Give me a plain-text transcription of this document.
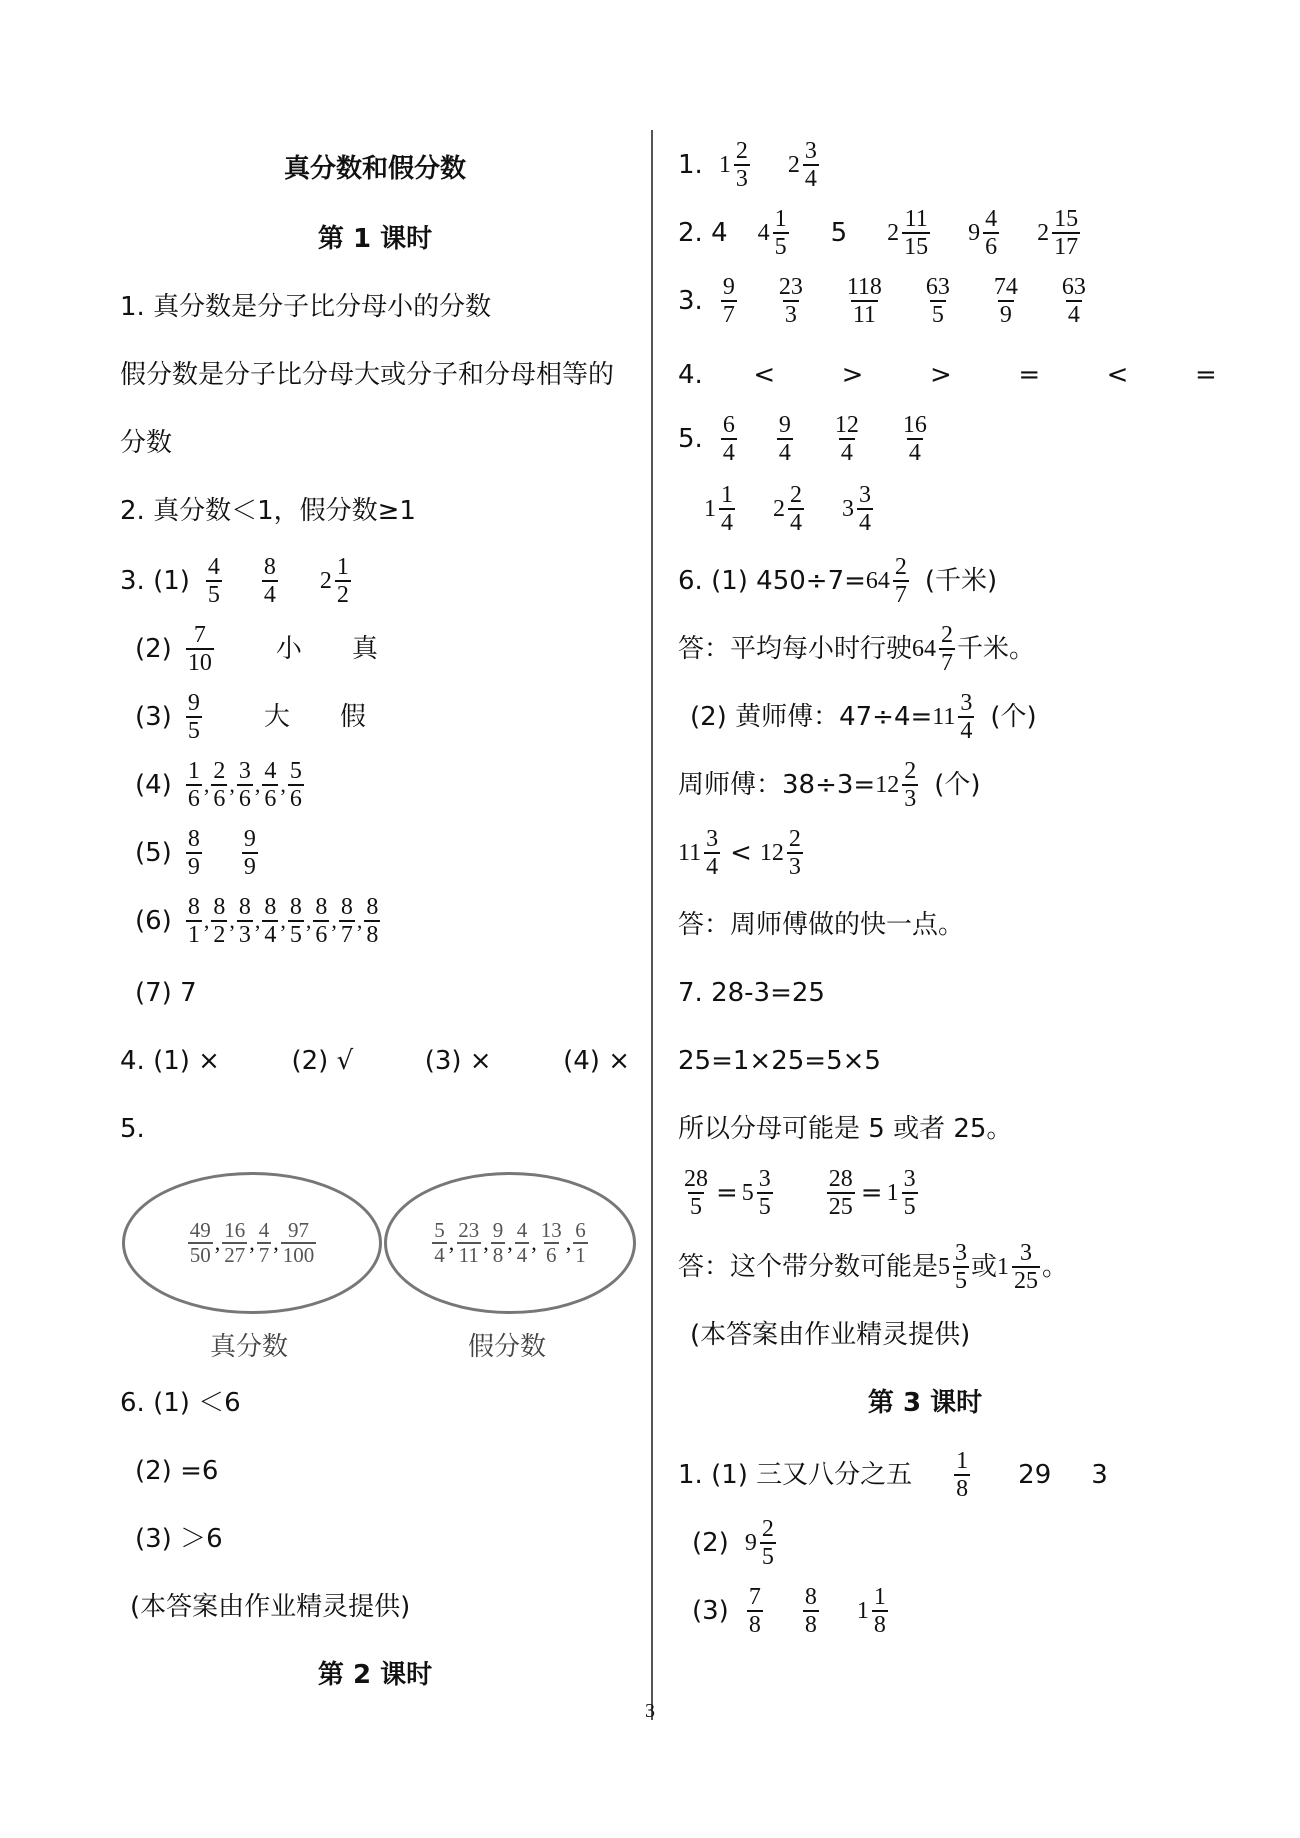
真分数和假分数
第 1 课时
1. 真分数是分子比分母小的分数
假分数是分子比分母大或分子和分母相等的
分数
2. 真分数＜1，假分数≥1
3. $(1) \frac{4}{5} \frac{8}{4} 2 \frac{1}{2}$
$(2) \frac{7}{10}$ 小 真
$(3) \frac{9}{5}$ 大 假
$(4) \frac{1}{6}$ , $\frac{2}{6}$ , $\frac{3}{6}$ , $\frac{4}{6}$ , $\frac{5}{6}$
$(5) \frac{8}{9} \frac{9}{9}$
$(6) \frac{8}{1}$ , $\frac{8}{2}$ , $\frac{8}{3}$ , $\frac{8}{4}$ , $\frac{8}{5}$ , $\frac{8}{6}$ , $\frac{8}{7}$ , $\frac{8}{8}$
(7) 7
4. (1) ×	(2) √	(3) ×	(4) ×
5.
$\frac{49}{50}$ , $\frac{16}{27}$ , $\frac{4}{7}$ , $\frac{97}{100}$
真分数
$\frac{5}{4}$ , $\frac{23}{11}$ , $\frac{9}{8}$ , $\frac{4}{4}$ , $\frac{13}{6}$ , $\frac{6}{1}$
假分数
6. (1) ＜6
(2) =6
(3) ＞6
(本答案由作业精灵提供)
第 2 课时
1. $1 \frac{2}{3} 2 \frac{3}{4}$
2. 4 $4 \frac{1}{5} 5$ $2 \frac{11}{15} 9 \frac{4}{6} 2 \frac{15}{17}$
3. $\frac{9}{7} \frac{23}{3} \frac{118}{11} \frac{63}{5} \frac{74}{9} \frac{63}{4}$
4. <	>	>	=	<	=
5. $\frac{6}{4} \frac{9}{4} \frac{12}{4} \frac{16}{4}$
$1 \frac{1}{4} 2 \frac{2}{4} 3 \frac{3}{4}$
6. (1) $450\div 7= 64 \frac{2}{7}$ (千米)
答：平均每小时行驶 $64 \frac{2}{7}$ 千米。
(2) 黄师傅：$47\div 4= 11 \frac{3}{4}$ (个)
周师傅：$38\div 3= 12 \frac{2}{3}$ (个)
$11 \frac{3}{4} < 12 \frac{2}{3}$
答：周师傅做的快一点。
7. 28-3=25
25=1×25=5×5
所以分母可能是 5 或者 25。
$\frac{28}{5} = 5 \frac{3}{5} \frac{28}{25} = 1 \frac{3}{5}$
答：这个带分数可能是 $5 \frac{3}{5}$ 或 $1 \frac{3}{25}$ 。
(本答案由作业精灵提供)
第 3 课时
1. (1) 三又八分之五 $\frac{1}{8} 29$ 3
(2) $9 \frac{2}{5}$
$(3) \frac{7}{8} \frac{8}{8} 1 \frac{1}{8}$
3
